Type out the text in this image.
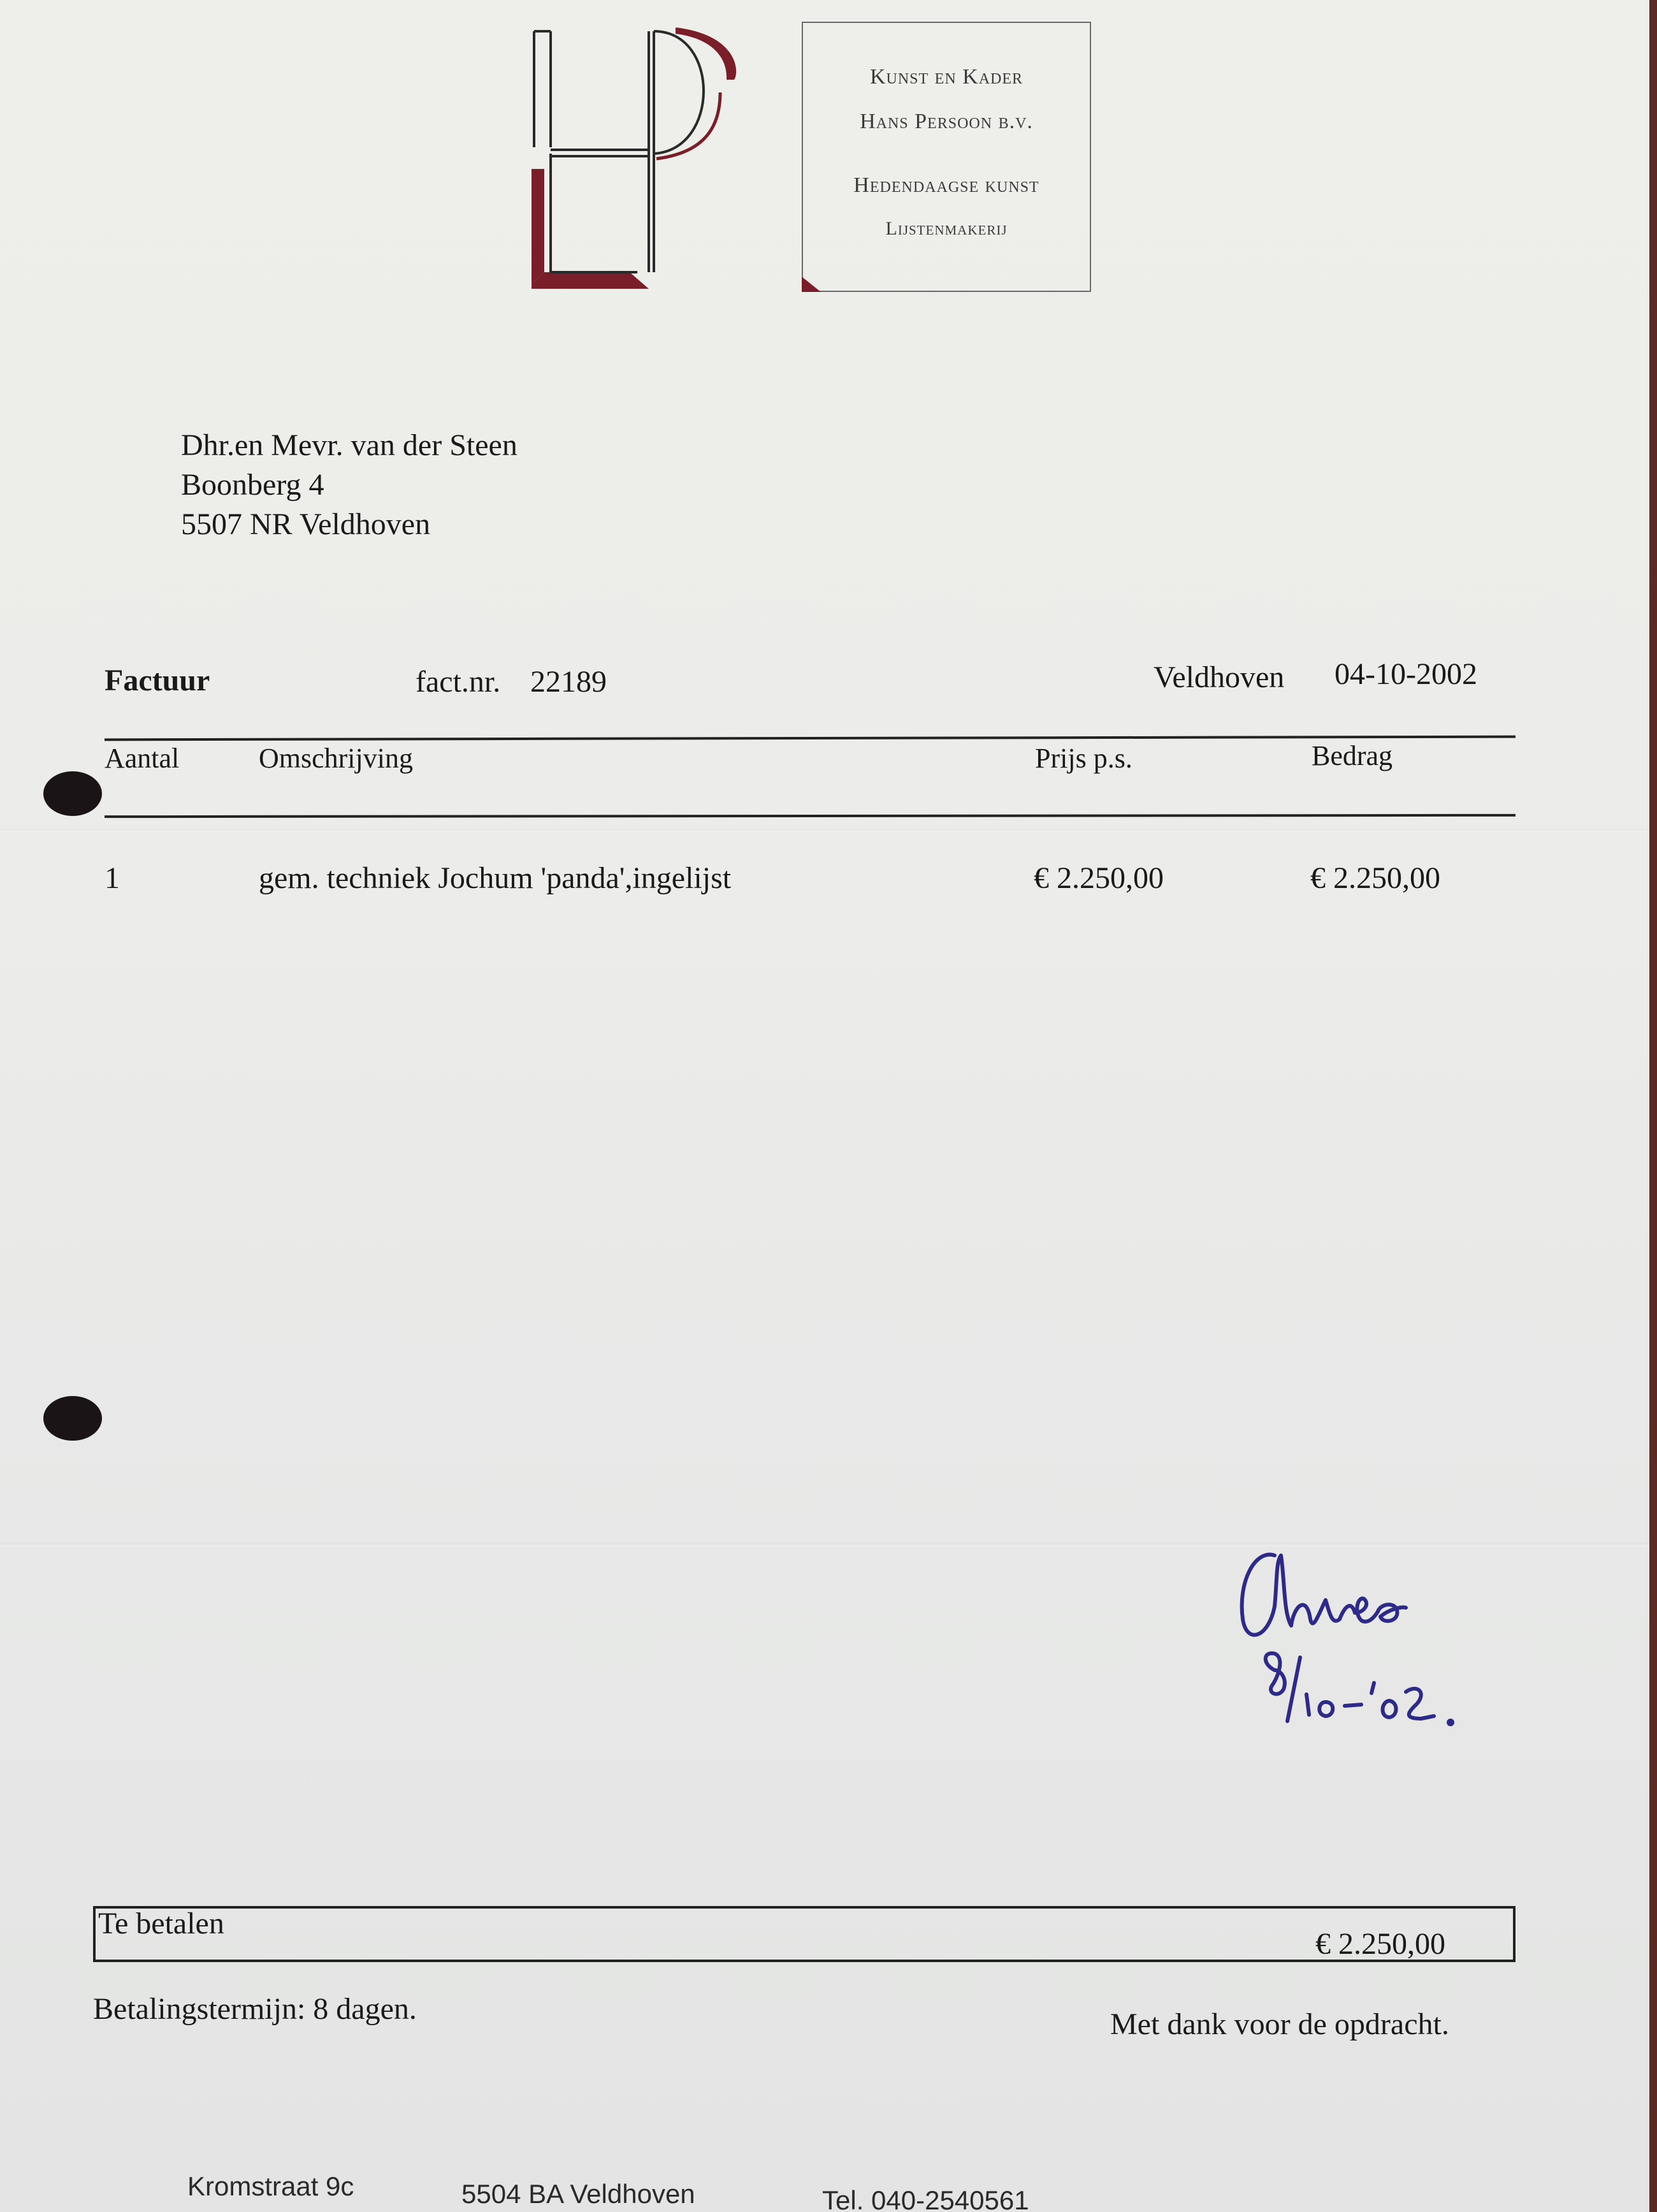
Kunst en Kader
Hans Persoon b.v.
Hedendaagse kunst
Lijstenmakerij
Dhr.en Mevr. van der Steen
Boonberg 4
5507 NR Veldhoven
Factuur	fact.nr. 22189	Veldhoven 04-10-2002
Aantal	Omschrijving	Prijs p.s.	Bedrag
1	gem. techniek Jochum 'panda',ingelijst	€ 2.250,00	€ 2.250,00
Te betalen
€ 2.250,00
Betalingstermijn: 8 dagen.	Met dank voor de opdracht.
Kromstraat 9c	5504 BA Veldhoven	Tel. 040-2540561
